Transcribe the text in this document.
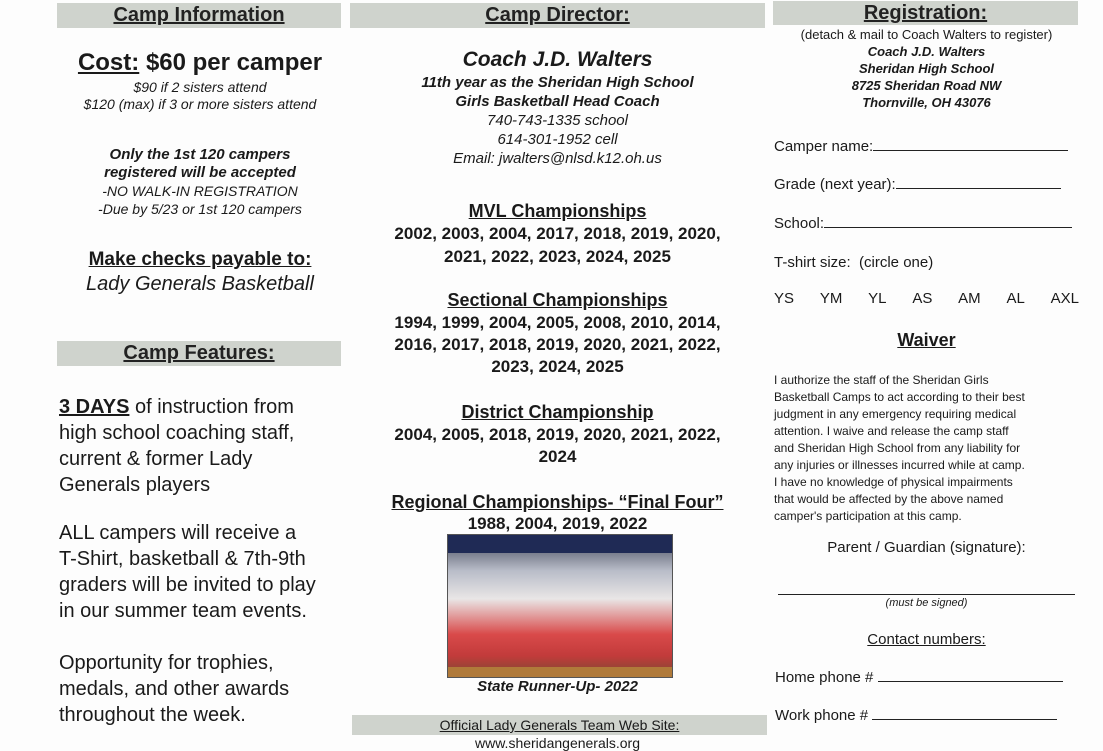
Camp Information
Cost: $60 per camper
$90 if 2 sisters attend
$120 (max) if 3 or more sisters attend
Only the 1st 120 campers
registered will be accepted
-NO WALK-IN REGISTRATION
-Due by 5/23 or 1st 120 campers
Make checks payable to:
Lady Generals Basketball
Camp Features:
3 DAYS of instruction from
high school coaching staff,
current & former Lady
Generals players
ALL campers will receive a
T-Shirt, basketball & 7th-9th
graders will be invited to play
in our summer team events.
Opportunity for trophies,
medals, and other awards
throughout the week.
Camp Director:
Coach J.D. Walters
11th year as the Sheridan High School
Girls Basketball Head Coach
740-743-1335 school
614-301-1952 cell
Email: jwalters@nlsd.k12.oh.us
MVL Championships
2002, 2003, 2004, 2017, 2018, 2019, 2020,
2021, 2022, 2023, 2024, 2025
Sectional Championships
1994, 1999, 2004, 2005, 2008, 2010, 2014,
2016, 2017, 2018, 2019, 2020, 2021, 2022,
2023, 2024, 2025
District Championship
2004, 2005, 2018, 2019, 2020, 2021, 2022,
2024
Regional Championships- “Final Four”
1988, 2004, 2019, 2022
State Runner-Up- 2022
Official Lady Generals Team Web Site:
www.sheridangenerals.org
Registration:
(detach & mail to Coach Walters to register)
Coach J.D. Walters
Sheridan High School
8725 Sheridan Road NW
Thornville, OH 43076
Camper name:
Grade (next year):
School:
T-shirt size: (circle one)
YS YM YL AS AM AL AXL
Waiver
I authorize the staff of the Sheridan Girls
Basketball Camps to act according to their best
judgment in any emergency requiring medical
attention. I waive and release the camp staff
and Sheridan High School from any liability for
any injuries or illnesses incurred while at camp.
I have no knowledge of physical impairments
that would be affected by the above named
camper's participation at this camp.
Parent / Guardian (signature):
(must be signed)
Contact numbers:
Home phone #
Work phone #
